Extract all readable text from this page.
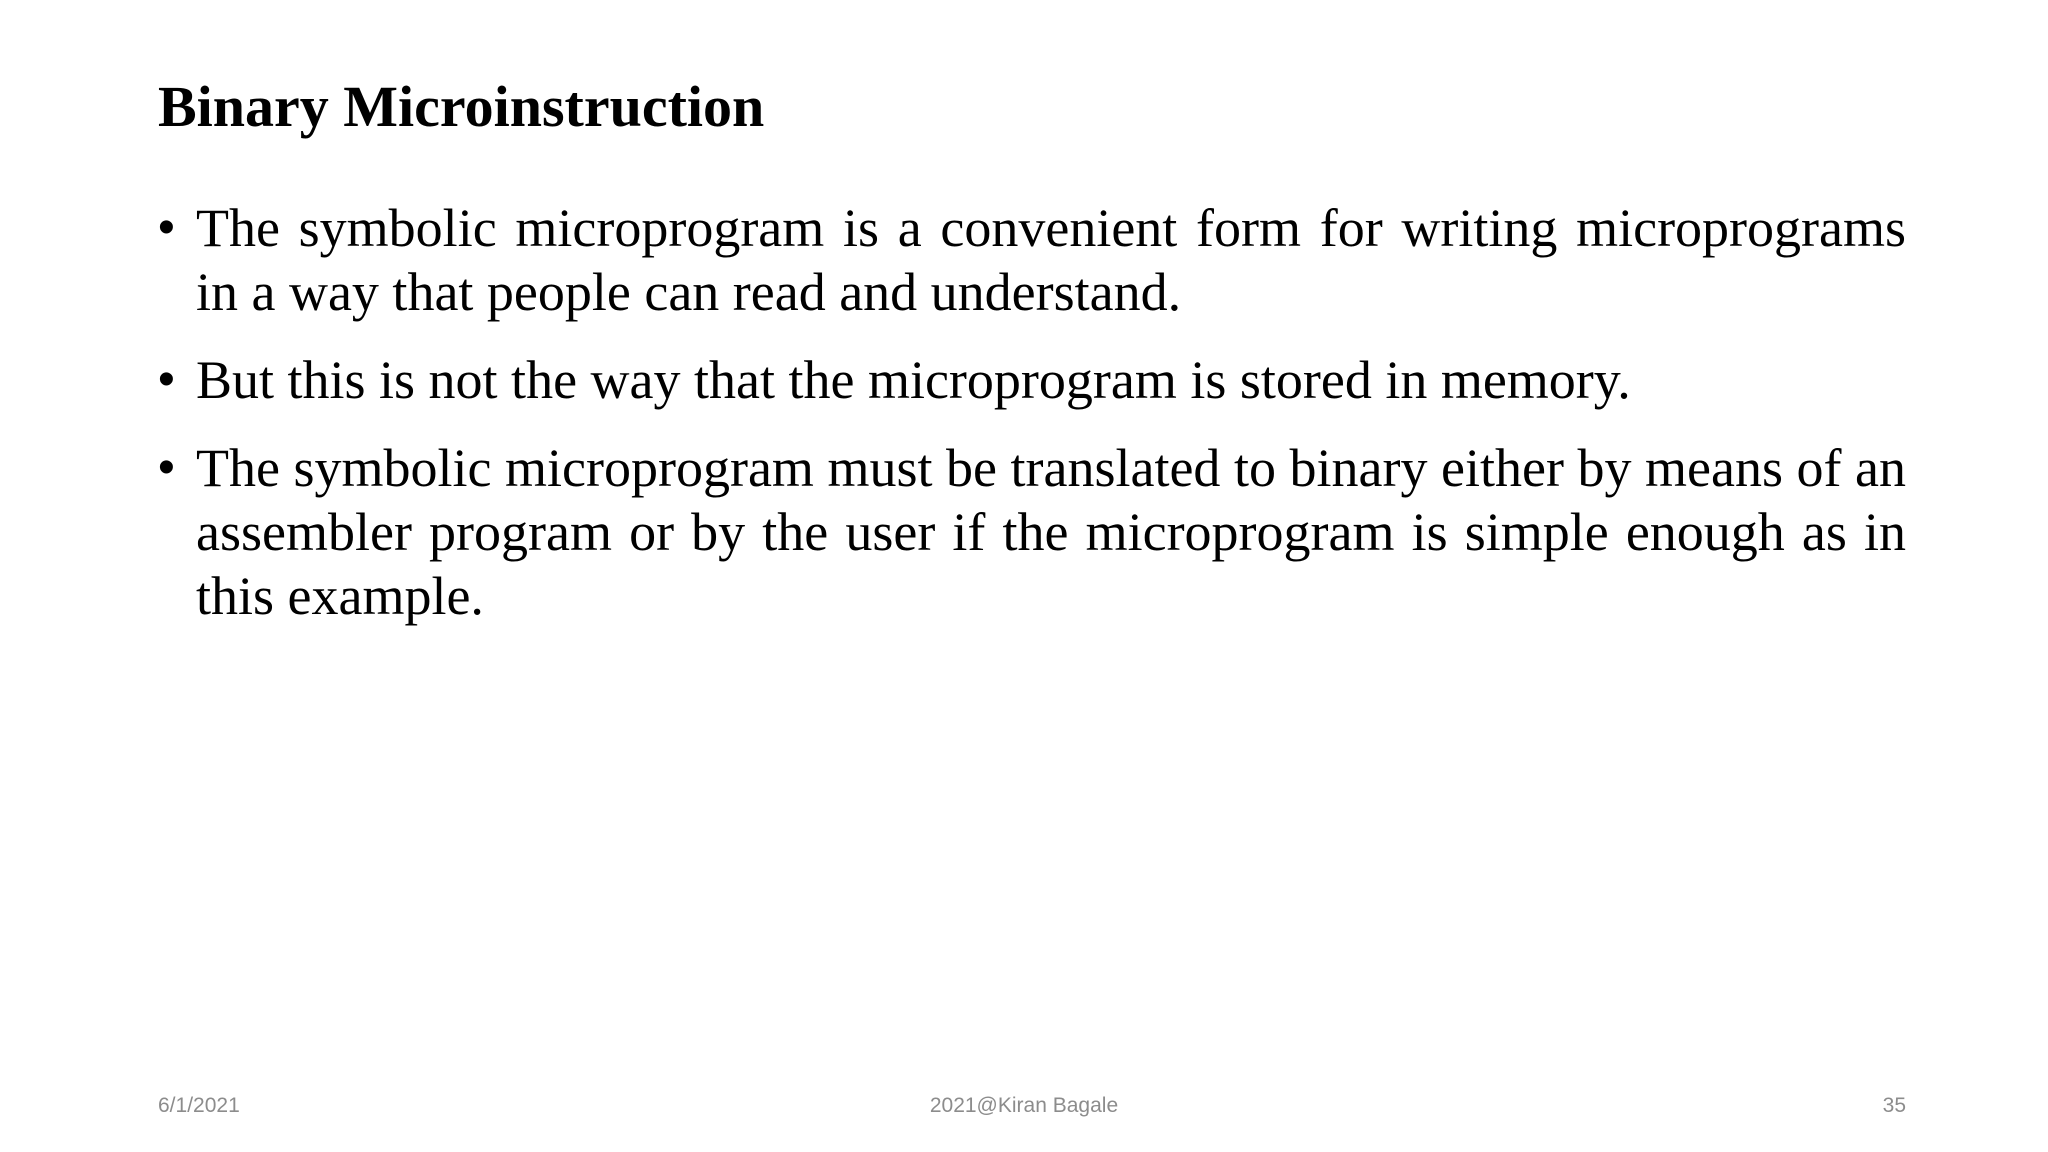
Binary Microinstruction
• The symbolic microprogram is a convenient form for writing microprograms in a way that people can read and understand.
• But this is not the way that the microprogram is stored in memory.
• The symbolic microprogram must be translated to binary either by means of an assembler program or by the user if the microprogram is simple enough as in this example.
6/1/2021	2021@Kiran Bagale	35
